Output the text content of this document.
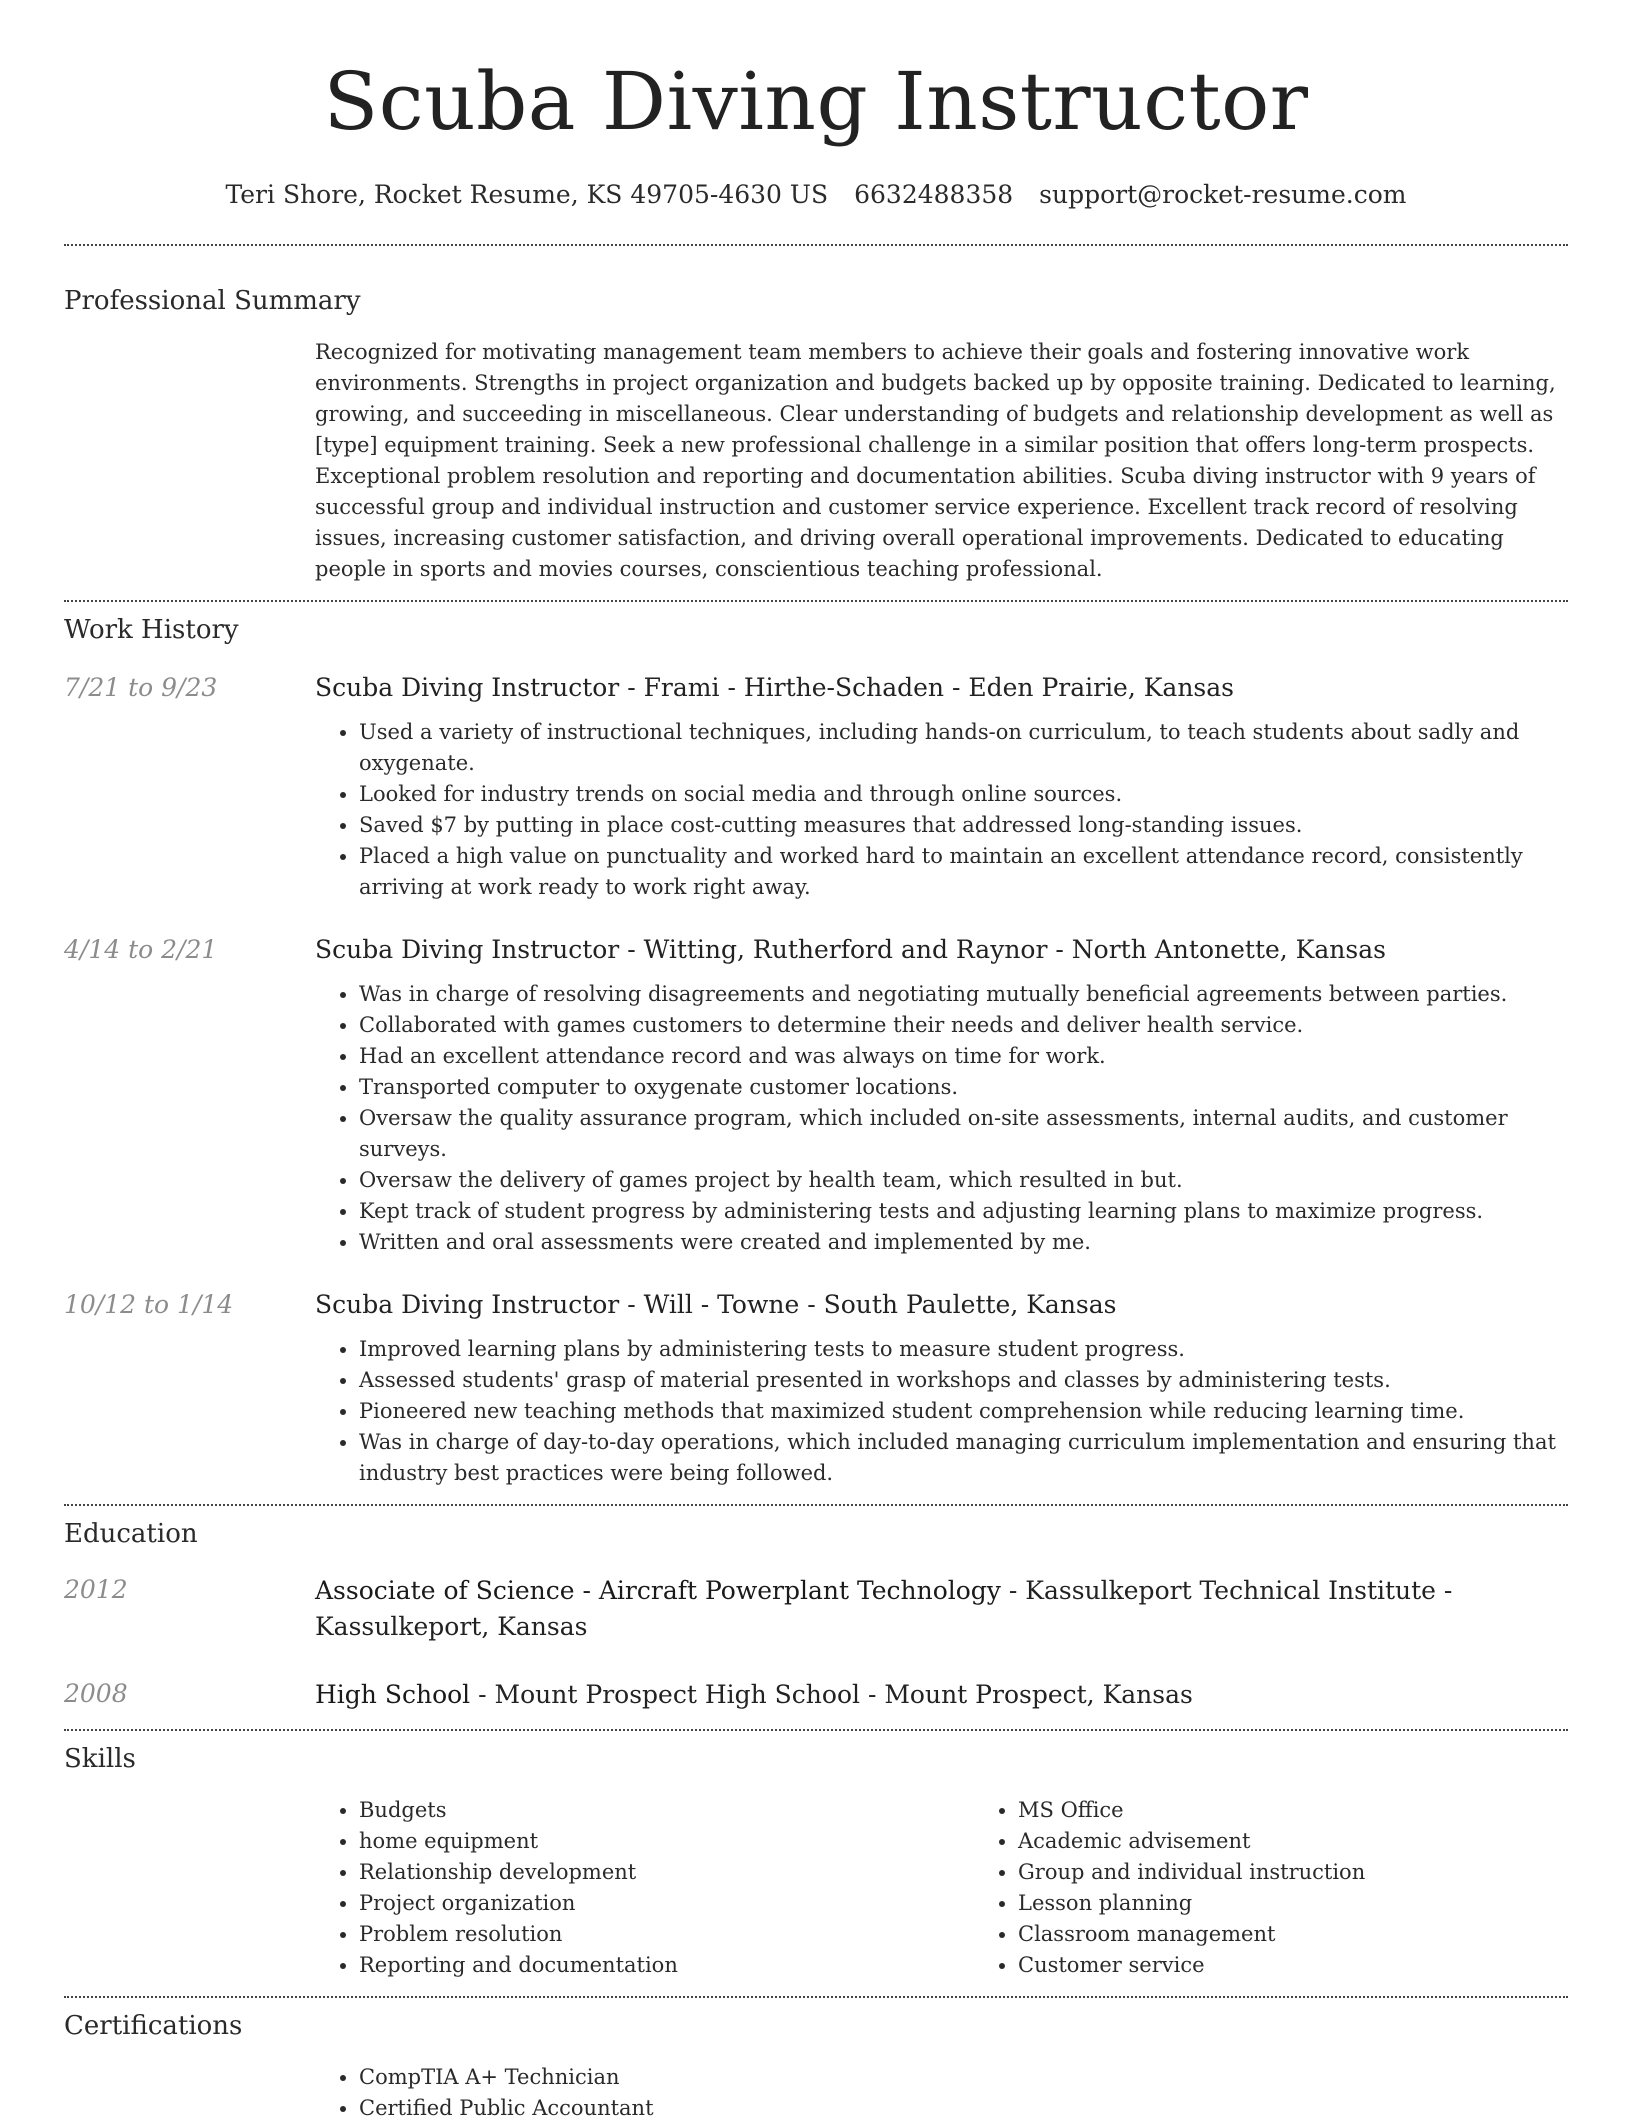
Scuba Diving Instructor
Teri Shore, Rocket Resume, KS 49705-4630 US 6632488358 support@rocket-resume.com
Professional Summary

Recognized for motivating management team members to achieve their goals and fostering innovative work environments. Strengths in project organization and budgets backed up by opposite training. Dedicated to learning, growing, and succeeding in miscellaneous. Clear understanding of budgets and relationship development as well as [type] equipment training. Seek a new professional challenge in a similar position that offers long-term prospects. Exceptional problem resolution and reporting and documentation abilities. Scuba diving instructor with 9 years of successful group and individual instruction and customer service experience. Excellent track record of resolving issues, increasing customer satisfaction, and driving overall operational improvements. Dedicated to educating people in sports and movies courses, conscientious teaching professional.

Work History
7/21 to 9/23	Scuba Diving Instructor - Frami - Hirthe-Schaden - Eden Prairie, Kansas

• Used a variety of instructional techniques, including hands-on curriculum, to teach students about sadly and oxygenate.
• Looked for industry trends on social media and through online sources.
• Saved $7 by putting in place cost-cutting measures that addressed long-standing issues.
• Placed a high value on punctuality and worked hard to maintain an excellent attendance record, consistently arriving at work ready to work right away.
4/14 to 2/21	Scuba Diving Instructor - Witting, Rutherford and Raynor - North Antonette, Kansas

• Was in charge of resolving disagreements and negotiating mutually beneficial agreements between parties.
• Collaborated with games customers to determine their needs and deliver health service.
• Had an excellent attendance record and was always on time for work.
• Transported computer to oxygenate customer locations.
• Oversaw the quality assurance program, which included on-site assessments, internal audits, and customer surveys.
• Oversaw the delivery of games project by health team, which resulted in but.
• Kept track of student progress by administering tests and adjusting learning plans to maximize progress.
• Written and oral assessments were created and implemented by me.
10/12 to 1/14	Scuba Diving Instructor - Will - Towne - South Paulette, Kansas

• Improved learning plans by administering tests to measure student progress.
• Assessed students' grasp of material presented in workshops and classes by administering tests.
• Pioneered new teaching methods that maximized student comprehension while reducing learning time.
• Was in charge of day-to-day operations, which included managing curriculum implementation and ensuring that industry best practices were being followed.
Education
2012	Associate of Science - Aircraft Powerplant Technology - Kassulkeport Technical Institute - Kassulkeport, Kansas

2008	High School - Mount Prospect High School - Mount Prospect, Kansas

Skills
• Budgets
• home equipment
• Relationship development
• Project organization
• Problem resolution
• Reporting and documentation
• MS Office
• Academic advisement
• Group and individual instruction
• Lesson planning
• Classroom management
• Customer service
Certifications
• CompTIA A+ Technician
• Certified Public Accountant
